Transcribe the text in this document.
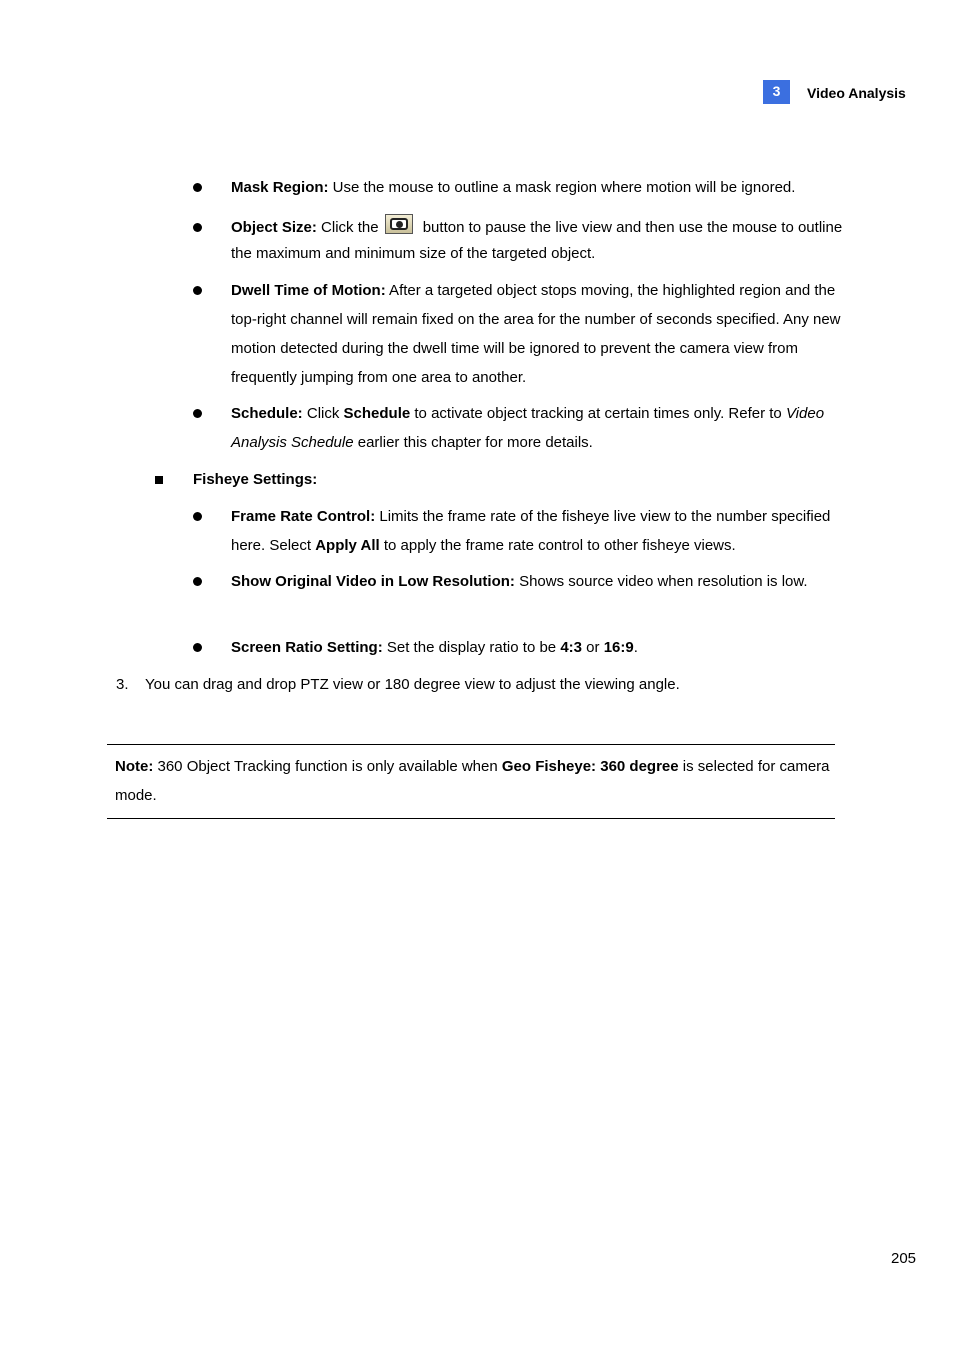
3	Video Analysis
Mask Region: Use the mouse to outline a mask region where motion will be ignored.
Object Size: Click the	button to pause the live view and then use the mouse to outline the maximum and minimum size of the targeted object.
Dwell Time of Motion: After a targeted object stops moving, the highlighted region and the top-right channel will remain fixed on the area for the number of seconds specified. Any new motion detected during the dwell time will be ignored to prevent the camera view from frequently jumping from one area to another.
Schedule: Click Schedule to activate object tracking at certain times only. Refer to Video Analysis Schedule earlier this chapter for more details.
Fisheye Settings:
Frame Rate Control: Limits the frame rate of the fisheye live view to the number specified here. Select Apply All to apply the frame rate control to other fisheye views.
Show Original Video in Low Resolution: Shows source video when resolution is low.
Screen Ratio Setting: Set the display ratio to be 4:3 or 16:9.
3. You can drag and drop PTZ view or 180 degree view to adjust the viewing angle.
Note: 360 Object Tracking function is only available when Geo Fisheye: 360 degree is selected for camera mode.
205
